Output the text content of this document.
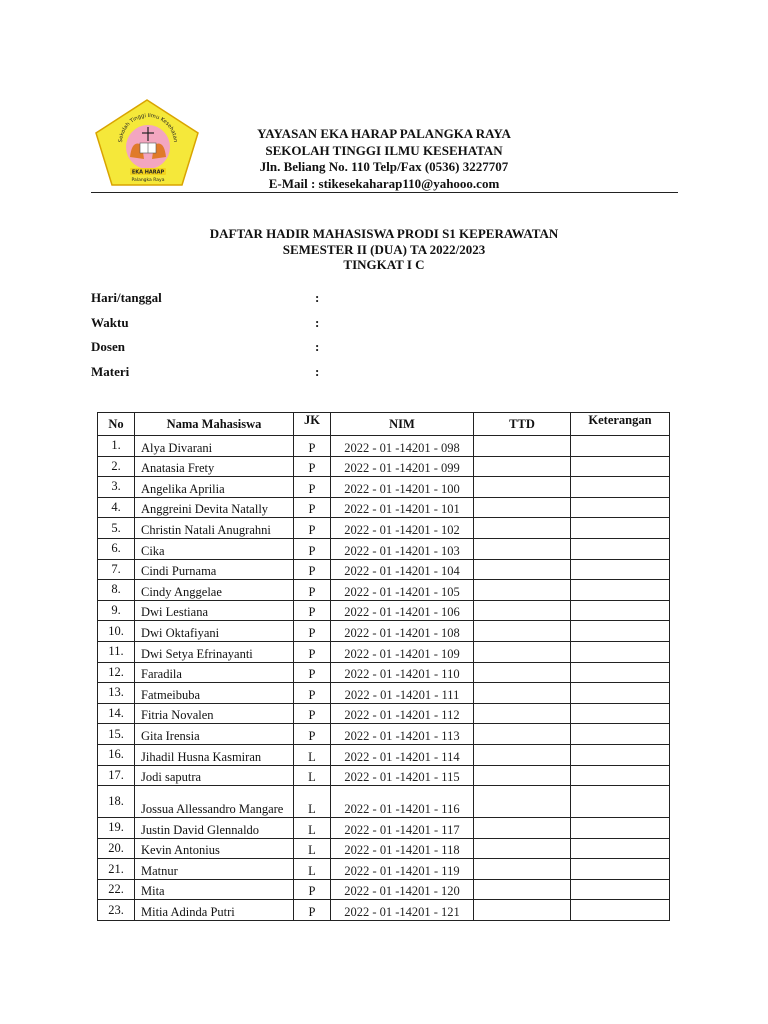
Sekolah Tinggi Ilmu Kesehatan
EKA HARAP
Palangka Raya
YAYASAN EKA HARAP PALANGKA RAYA
SEKOLAH TINGGI ILMU KESEHATAN
Jln. Beliang No. 110 Telp/Fax (0536) 3227707
E-Mail : stikesekaharap110@yahooo.com
DAFTAR HADIR MAHASISWA PRODI S1 KEPERAWATAN
SEMESTER II (DUA) TA 2022/2023
TINGKAT I C
Hari/tanggal	:
Waktu	:
Dosen	:
Materi	:
No	Nama Mahasiswa	JK	NIM	TTD	Keterangan
1.	Alya Divarani	P	2022 - 01 -14201 - 098		
2.	Anatasia Frety	P	2022 - 01 -14201 - 099		
3.	Angelika Aprilia	P	2022 - 01 -14201 - 100		
4.	Anggreini Devita Natally	P	2022 - 01 -14201 - 101		
5.	Christin Natali Anugrahni	P	2022 - 01 -14201 - 102		
6.	Cika	P	2022 - 01 -14201 - 103		
7.	Cindi Purnama	P	2022 - 01 -14201 - 104		
8.	Cindy Anggelae	P	2022 - 01 -14201 - 105		
9.	Dwi Lestiana	P	2022 - 01 -14201 - 106		
10.	Dwi Oktafiyani	P	2022 - 01 -14201 - 108		
11.	Dwi Setya Efrinayanti	P	2022 - 01 -14201 - 109		
12.	Faradila	P	2022 - 01 -14201 - 110		
13.	Fatmeibuba	P	2022 - 01 -14201 - 111		
14.	Fitria Novalen	P	2022 - 01 -14201 - 112		
15.	Gita Irensia	P	2022 - 01 -14201 - 113		
16.	Jihadil Husna Kasmiran	L	2022 - 01 -14201 - 114		
17.	Jodi saputra	L	2022 - 01 -14201 - 115		
18.	Jossua Allessandro Mangare	L	2022 - 01 -14201 - 116		
19.	Justin David Glennaldo	L	2022 - 01 -14201 - 117		
20.	Kevin Antonius	L	2022 - 01 -14201 - 118		
21.	Matnur	L	2022 - 01 -14201 - 119		
22.	Mita	P	2022 - 01 -14201 - 120		
23.	Mitia Adinda Putri	P	2022 - 01 -14201 - 121		
